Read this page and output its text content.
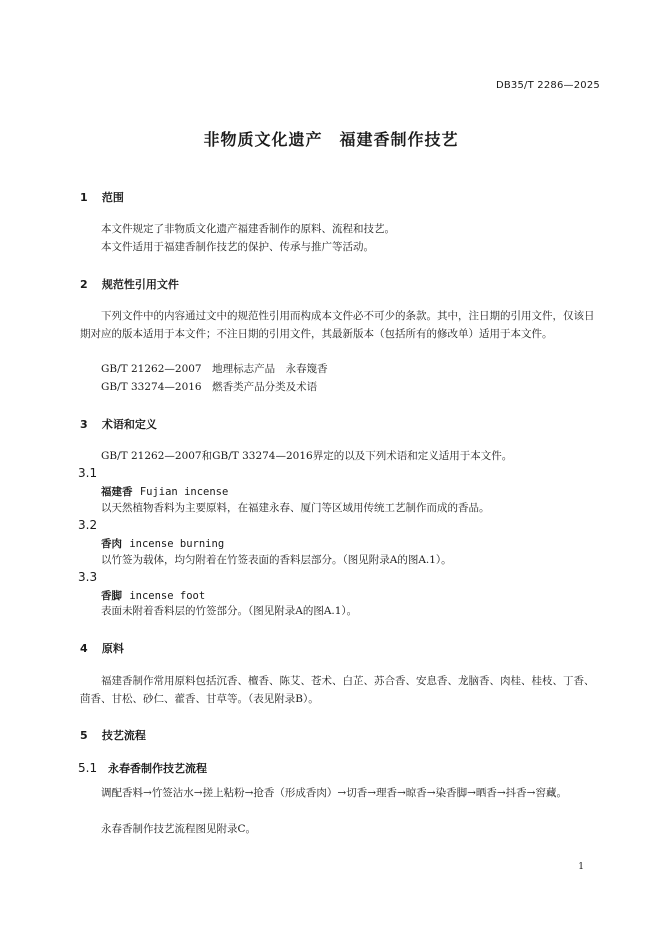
DB35/T 2286—2025
非物质文化遗产　福建香制作技艺
1 范围
本文件规定了非物质文化遗产福建香制作的原料、流程和技艺。
本文件适用于福建香制作技艺的保护、传承与推广等活动。
2 规范性引用文件
下列文件中的内容通过文中的规范性引用而构成本文件必不可少的条款。其中，注日期的引用文件，仅该日期对应的版本适用于本文件；不注日期的引用文件，其最新版本（包括所有的修改单）适用于本文件。
GB/T 21262—2007　地理标志产品　永春篾香
GB/T 33274—2016　燃香类产品分类及术语
3 术语和定义
GB/T 21262—2007和GB/T 33274—2016界定的以及下列术语和定义适用于本文件。
3.1
福建香 Fujian incense
以天然植物香料为主要原料，在福建永春、厦门等区域用传统工艺制作而成的香品。
3.2
香肉 incense burning
以竹签为载体，均匀附着在竹签表面的香料层部分。（图见附录A的图A.1）。
3.3
香脚 incense foot
表面未附着香料层的竹签部分。（图见附录A的图A.1）。
4 原料
福建香制作常用原料包括沉香、檀香、陈艾、苍术、白芷、苏合香、安息香、龙脑香、肉桂、桂枝、丁香、茴香、甘松、砂仁、藿香、甘草等。（表见附录B）。
5 技艺流程
5.1 永春香制作技艺流程
调配香料→竹签沾水→搓上粘粉→抢香（形成香肉）→切香→理香→晾香→染香脚→晒香→抖香→窖藏。
永春香制作技艺流程图见附录C。
1
